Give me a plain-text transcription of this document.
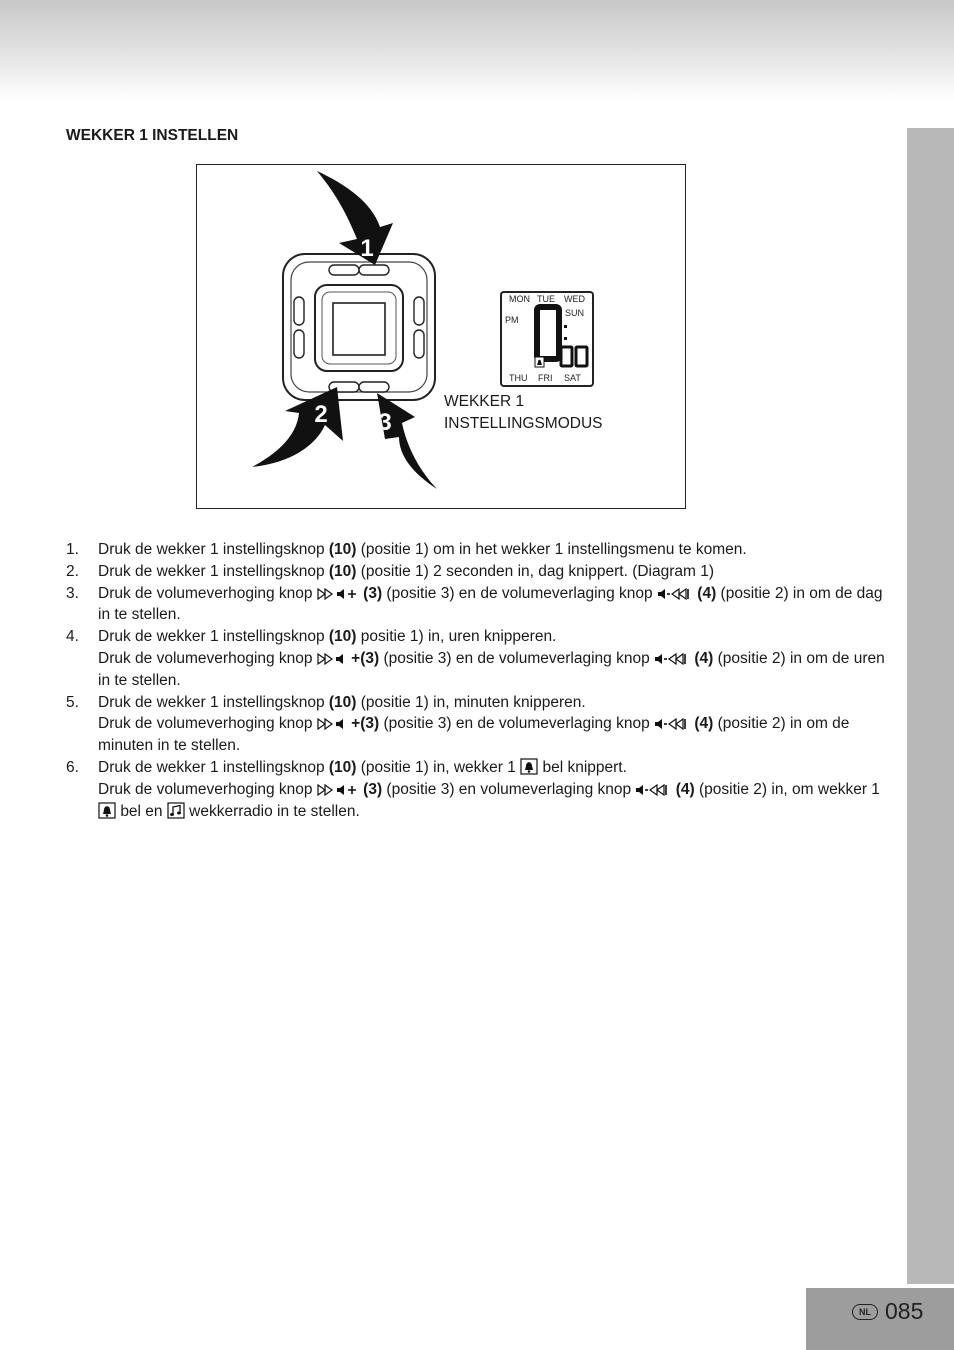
WEKKER 1 INSTELLEN
1
2 3
MON TUE WED
SUN
PM
AL 1
THU FRI SAT
WEKKER 1
INSTELLINGSMODUS
1. Druk de wekker 1 instellingsknop (10) (positie 1) om in het wekker 1 instellingsmenu te komen.
2. Druk de wekker 1 instellingsknop (10) (positie 1) 2 seconden in, dag knippert. (Diagram 1)
3. Druk de volumeverhoging knop	(3) (positie 3) en de volumeverlaging knop	(4) (positie 2) in om de dag in te stellen.
4. Druk de wekker 1 instellingsknop (10) positie 1) in, uren knipperen.
Druk de volumeverhoging knop  +(3) (positie 3) en de volumeverlaging knop	(4) (positie 2) in om de uren in te stellen.
5. Druk de wekker 1 instellingsknop (10) (positie 1) in, minuten knipperen.
Druk de volumeverhoging knop  +(3) (positie 3) en de volumeverlaging knop	(4) (positie 2) in om de minuten in te stellen.
6. Druk de wekker 1 instellingsknop (10) (positie 1) in, wekker 1  bel knippert.
Druk de volumeverhoging knop	(3) (positie 3) en volumeverlaging knop	(4) (positie 2) in, om wekker 1  bel en  wekkerradio in te stellen.
NL 085
